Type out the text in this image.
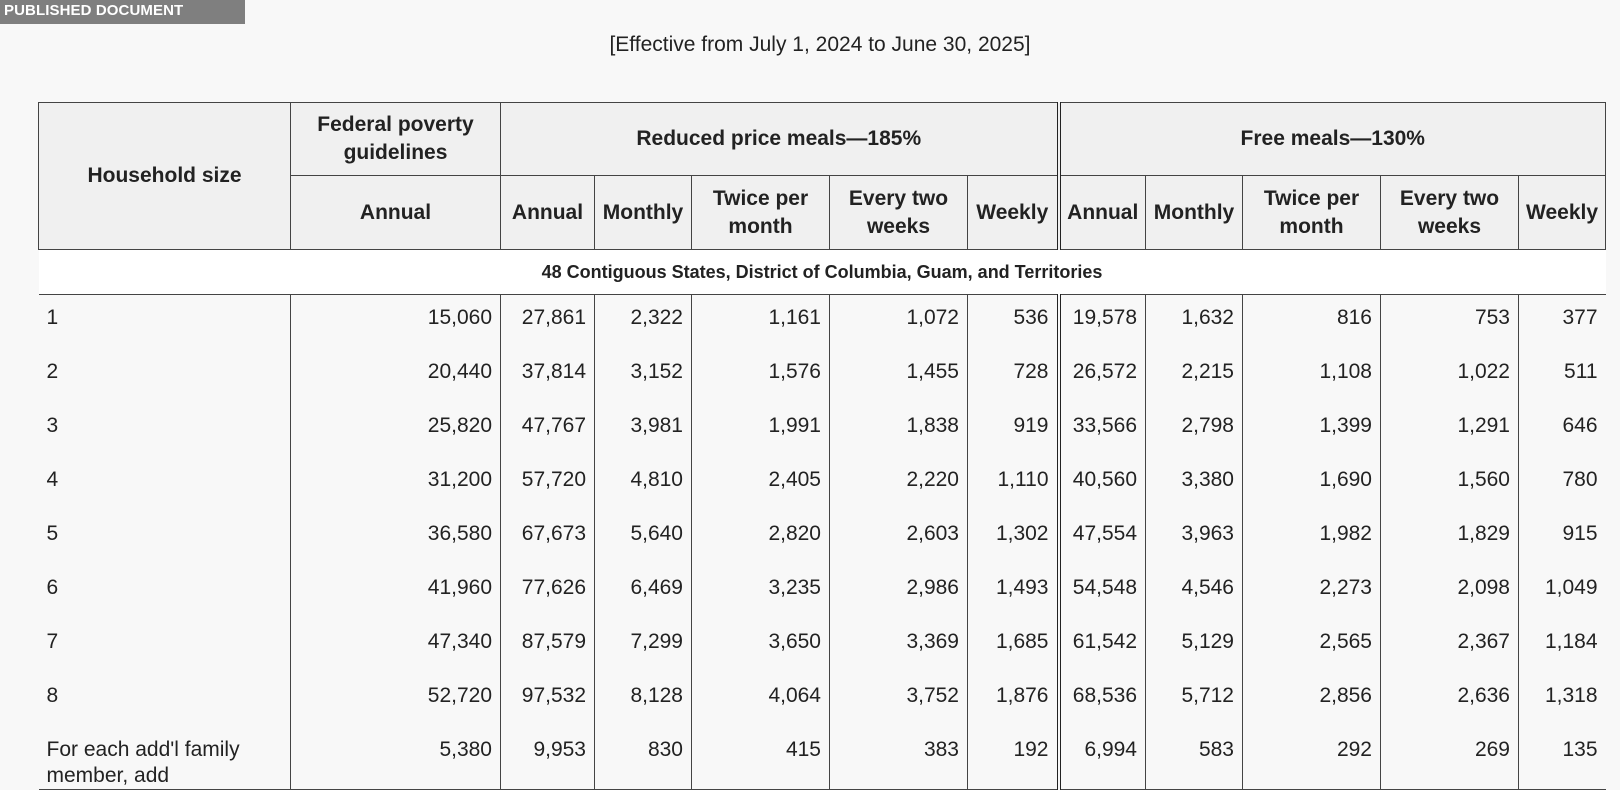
PUBLISHED DOCUMENT
[Effective from July 1, 2024 to June 30, 2025]
Household size	Federal poverty guidelines	Reduced price meals—185%					Free meals—130%				
	Annual	Annual	Monthly	Twice per month	Every two weeks	Weekly	Annual	Monthly	Twice per month	Every two weeks	Weekly
48 Contiguous States, District of Columbia, Guam, and Territories											
1	15,060	27,861	2,322	1,161	1,072	536	19,578	1,632	816	753	377
2	20,440	37,814	3,152	1,576	1,455	728	26,572	2,215	1,108	1,022	511
3	25,820	47,767	3,981	1,991	1,838	919	33,566	2,798	1,399	1,291	646
4	31,200	57,720	4,810	2,405	2,220	1,110	40,560	3,380	1,690	1,560	780
5	36,580	67,673	5,640	2,820	2,603	1,302	47,554	3,963	1,982	1,829	915
6	41,960	77,626	6,469	3,235	2,986	1,493	54,548	4,546	2,273	2,098	1,049
7	47,340	87,579	7,299	3,650	3,369	1,685	61,542	5,129	2,565	2,367	1,184
8	52,720	97,532	8,128	4,064	3,752	1,876	68,536	5,712	2,856	2,636	1,318
For each add'l family member, add	5,380	9,953	830	415	383	192	6,994	583	292	269	135
